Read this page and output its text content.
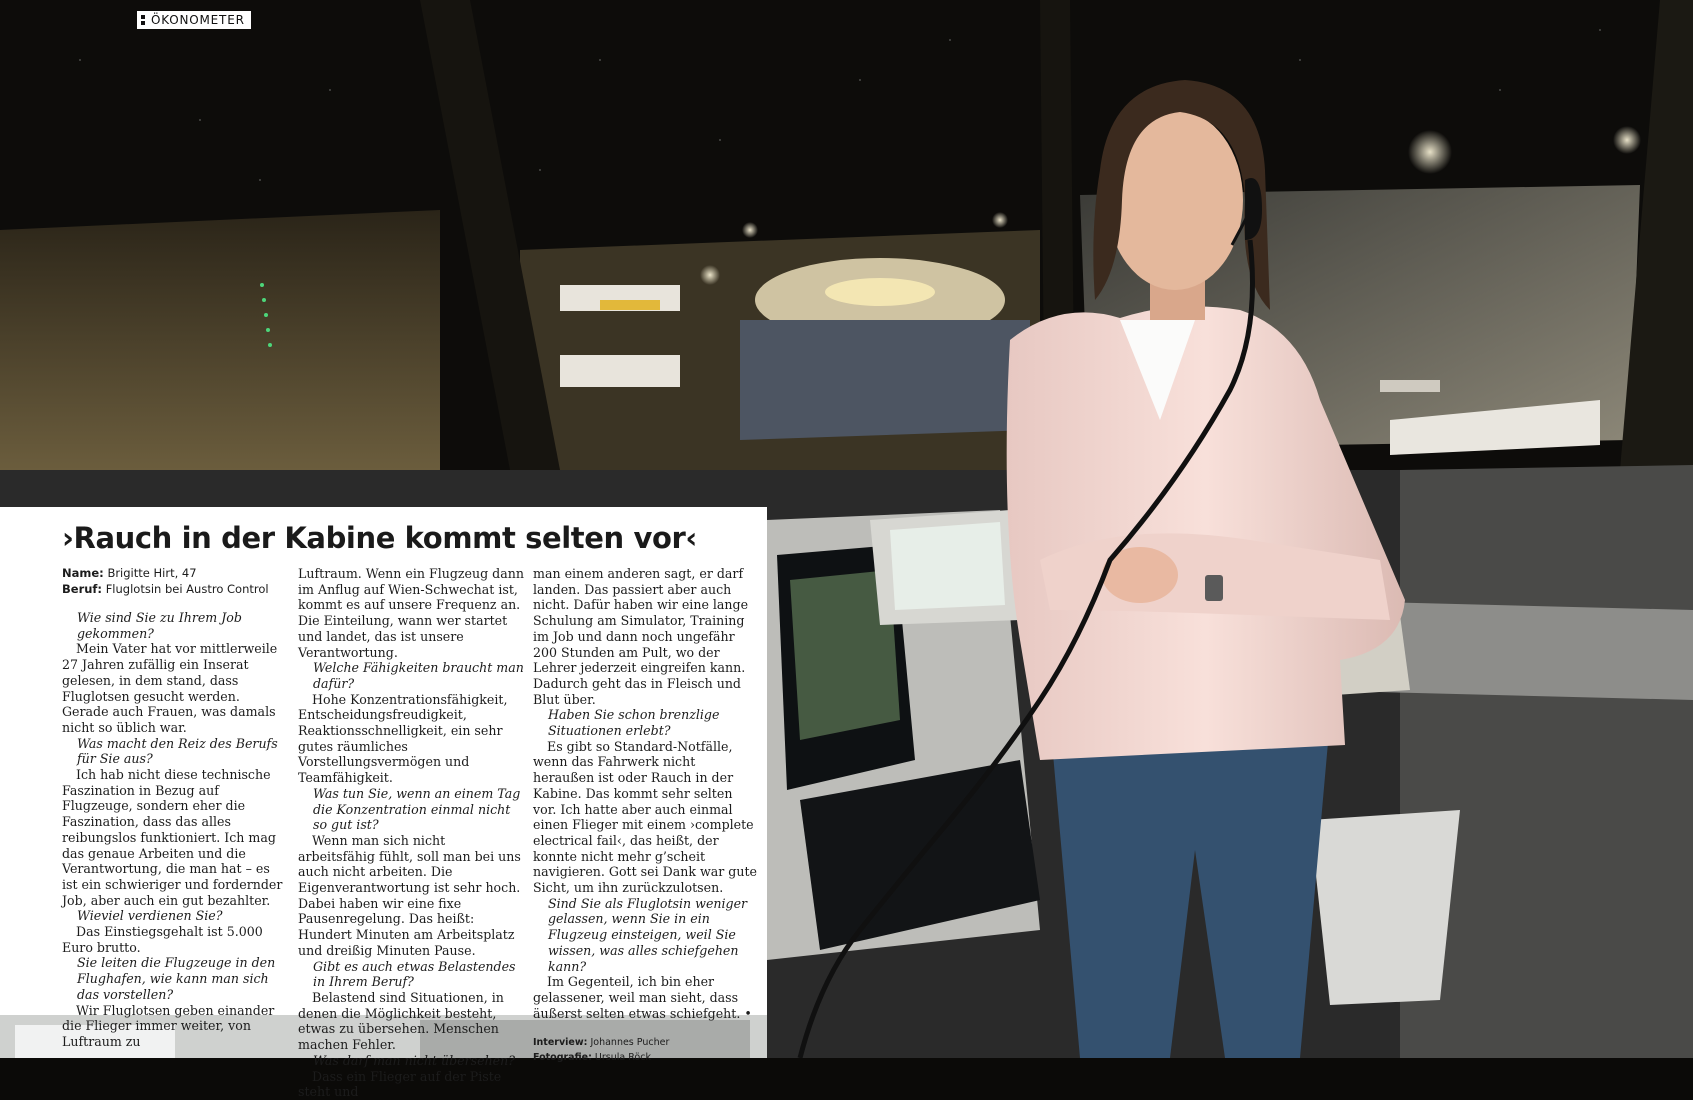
ÖKONOMETER
›Rauch in der Kabine kommt selten vor‹
Name: Brigitte Hirt, 47
Beruf: Fluglotsin bei Austro Control

Wie sind Sie zu Ihrem Job gekommen?

Mein Vater hat vor mittlerweile 27 Jahren zufällig ein Inserat gelesen, in dem stand, dass Fluglotsen gesucht werden. Gerade auch Frauen, was damals nicht so üblich war.

Was macht den Reiz des Berufs für Sie aus?

Ich hab nicht diese technische Faszination in Bezug auf Flugzeuge, sondern eher die Faszination, dass das alles reibungslos funktioniert. Ich mag das genaue Arbeiten und die Verantwortung, die man hat – es ist ein schwieriger und fordernder Job, aber auch ein gut bezahlter.

Wieviel verdienen Sie?

Das Einstiegsgehalt ist 5.000 Euro brutto.

Sie leiten die Flugzeuge in den Flughafen, wie kann man sich das vorstellen?

Wir Fluglotsen geben einander die Flieger immer weiter, von Luftraum zu

Luftraum. Wenn ein Flugzeug dann im Anflug auf Wien-Schwechat ist, kommt es auf unsere Frequenz an. Die Einteilung, wann wer startet und landet, das ist unsere Verantwortung.

Welche Fähigkeiten braucht man dafür?

Hohe Konzentrationsfähigkeit, Entscheidungsfreudigkeit, Reaktionsschnelligkeit, ein sehr gutes räumliches Vorstellungsvermögen und Teamfähigkeit.

Was tun Sie, wenn an einem Tag die Konzentration einmal nicht so gut ist?

Wenn man sich nicht arbeitsfähig fühlt, soll man bei uns auch nicht arbeiten. Die Eigenverantwortung ist sehr hoch. Dabei haben wir eine fixe Pausenregelung. Das heißt: Hundert Minuten am Arbeitsplatz und dreißig Minuten Pause.

Gibt es auch etwas Belastendes in Ihrem Beruf?

Belastend sind Situationen, in denen die Möglichkeit besteht, etwas zu übersehen. Menschen machen Fehler.

Was darf man nicht übersehen?

Dass ein Flieger auf der Piste steht und

man einem anderen sagt, er darf landen. Das passiert aber auch nicht. Dafür haben wir eine lange Schulung am Simulator, Training im Job und dann noch ungefähr 200 Stunden am Pult, wo der Lehrer jederzeit eingreifen kann. Dadurch geht das in Fleisch und Blut über.

Haben Sie schon brenzlige Situationen erlebt?

Es gibt so Standard-Notfälle, wenn das Fahrwerk nicht heraußen ist oder Rauch in der Kabine. Das kommt sehr selten vor. Ich hatte aber auch einmal einen Flieger mit einem ›complete electrical fail‹, das heißt, der konnte nicht mehr g’scheit navigieren. Gott sei Dank war gute Sicht, um ihn zurückzulotsen.

Sind Sie als Fluglotsin weniger gelassen, wenn Sie in ein Flugzeug einsteigen, weil Sie wissen, was alles schiefgehen kann?

Im Gegenteil, ich bin eher gelassener, weil man sieht, dass äußerst selten etwas schiefgeht. •

Interview: Johannes Pucher
Fotografie: Ursula Röck
